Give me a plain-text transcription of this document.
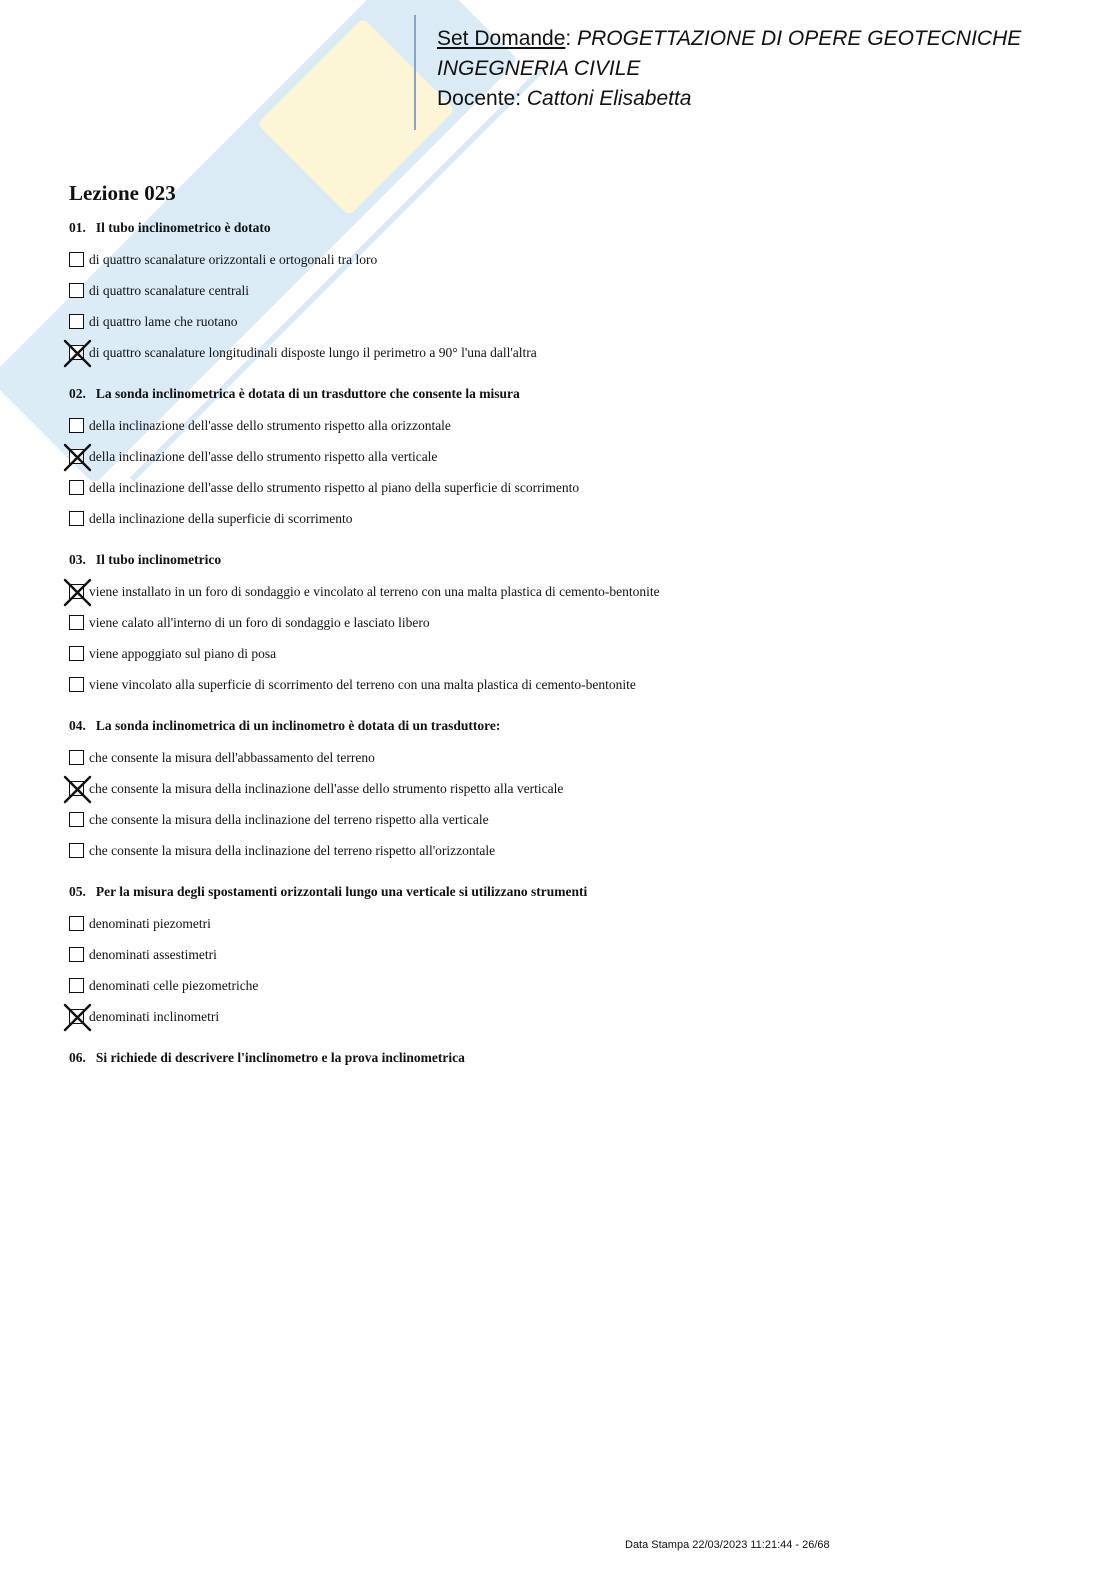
Set Domande: PROGETTAZIONE DI OPERE GEOTECNICHE
INGEGNERIA CIVILE
Docente: Cattoni Elisabetta
Lezione 023
01. Il tubo inclinometrico è dotato
di quattro scanalature orizzontali e ortogonali tra loro
di quattro scanalature centrali
di quattro lame che ruotano
di quattro scanalature longitudinali disposte lungo il perimetro a 90° l'una dall'altra
02. La sonda inclinometrica è dotata di un trasduttore che consente la misura
della inclinazione dell'asse dello strumento rispetto alla orizzontale
della inclinazione dell'asse dello strumento rispetto alla verticale
della inclinazione dell'asse dello strumento rispetto al piano della superficie di scorrimento
della inclinazione della superficie di scorrimento
03. Il tubo inclinometrico
viene installato in un foro di sondaggio e vincolato al terreno con una malta plastica di cemento-bentonite
viene calato all'interno di un foro di sondaggio e lasciato libero
viene appoggiato sul piano di posa
viene vincolato alla superficie di scorrimento del terreno con una malta plastica di cemento-bentonite
04. La sonda inclinometrica di un inclinometro è dotata di un trasduttore:
che consente la misura dell'abbassamento del terreno
che consente la misura della inclinazione dell'asse dello strumento rispetto alla verticale
che consente la misura della inclinazione del terreno rispetto alla verticale
che consente la misura della inclinazione del terreno rispetto all'orizzontale
05. Per la misura degli spostamenti orizzontali lungo una verticale si utilizzano strumenti
denominati piezometri
denominati assestimetri
denominati celle piezometriche
denominati inclinometri
06. Si richiede di descrivere l'inclinometro e la prova inclinometrica
Data Stampa 22/03/2023 11:21:44 - 26/68
